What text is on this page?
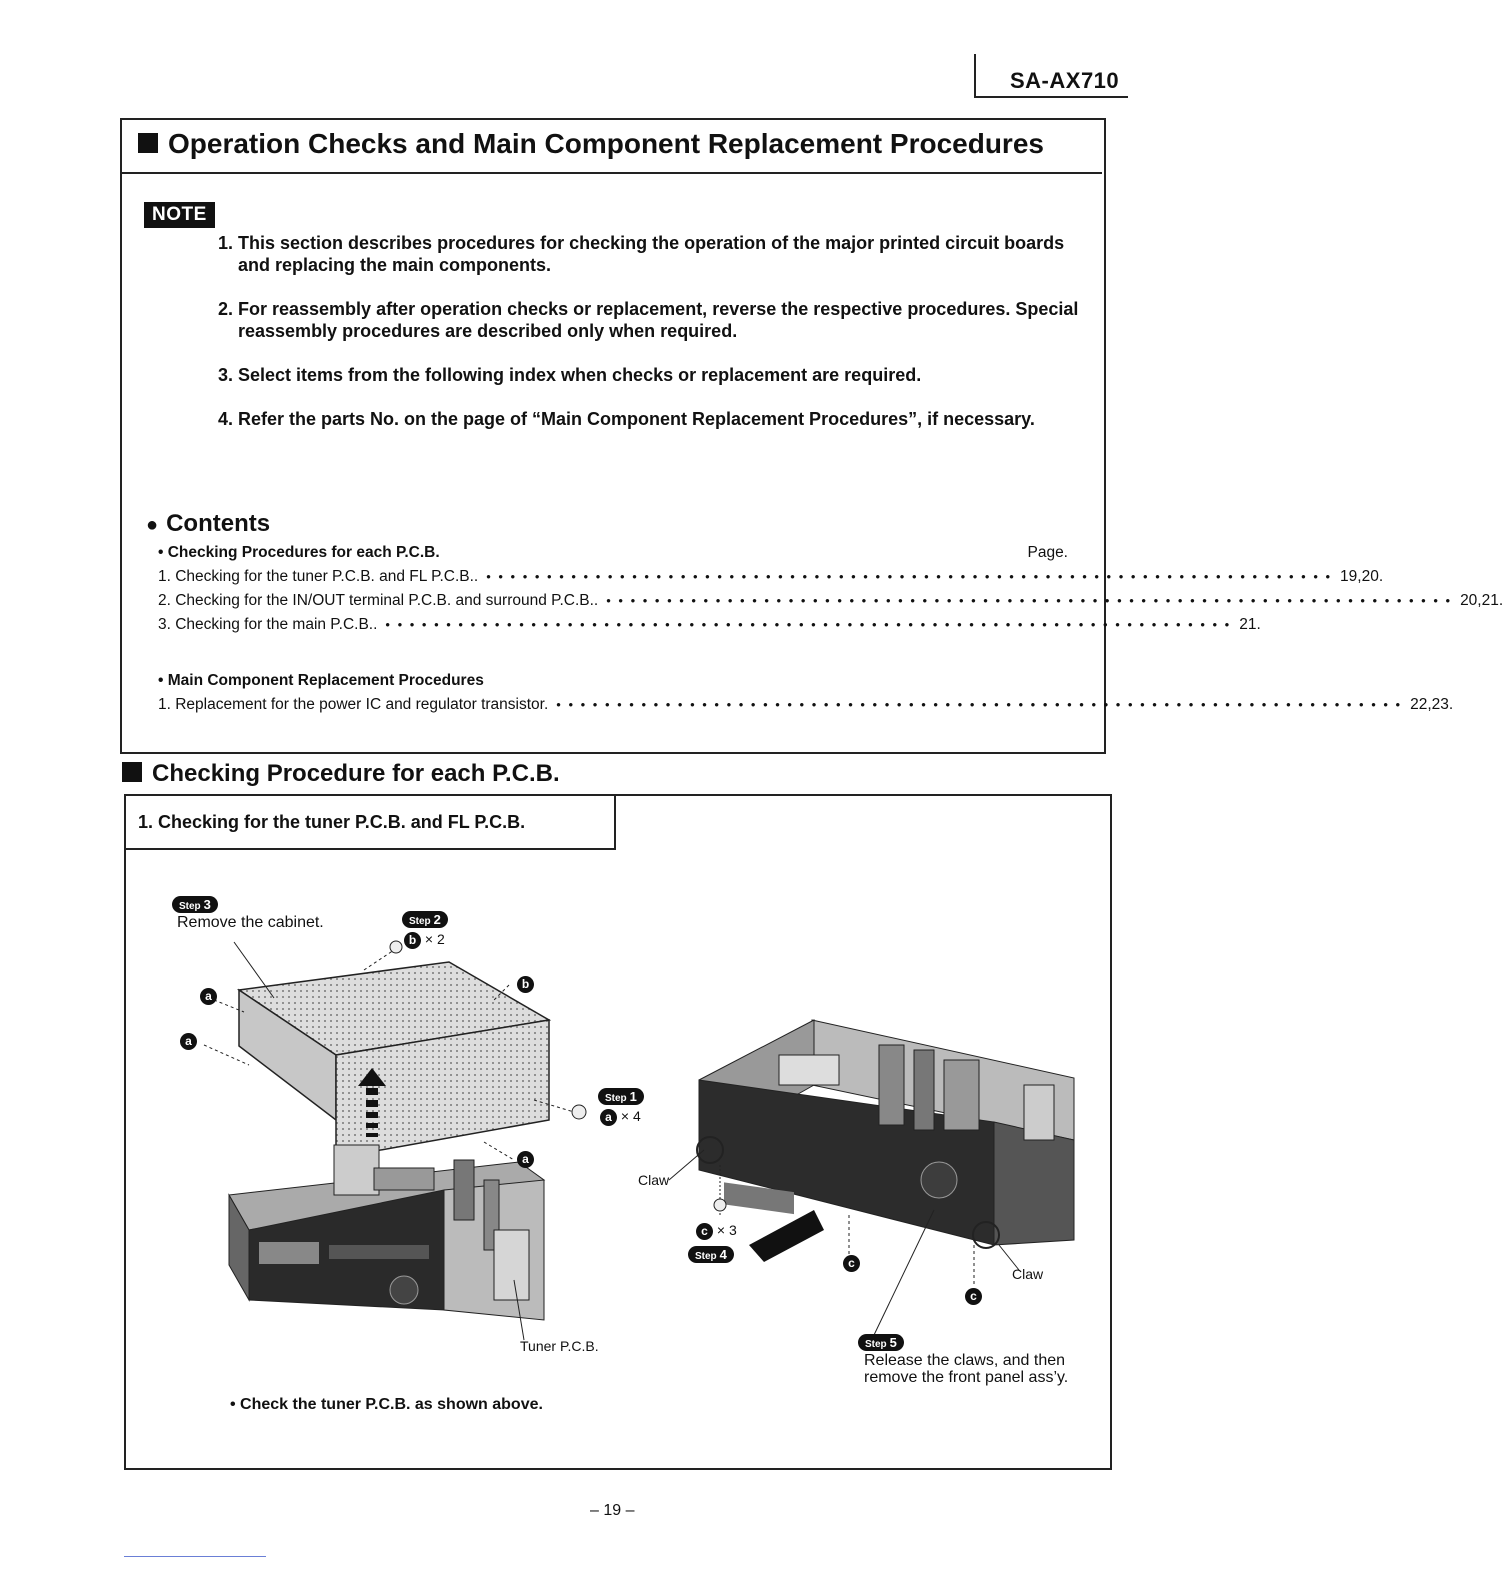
SA-AX710
Operation Checks and Main Component Replacement Procedures
NOTE
1. This section describes procedures for checking the operation of the major printed circuit boards and replacing the main components.
2. For reassembly after operation checks or replacement, reverse the respective procedures. Special reassembly procedures are described only when required.
3. Select items from the following index when checks or replacement are required.
4. Refer the parts No. on the page of “Main Component Replacement Procedures”, if necessary.
● Contents
• Checking Procedures for each P.C.B.	Page.
1. Checking for the tuner P.C.B. and FL P.C.B.. • • • • • • • • • • • • • • • • • • • • • • • • • • • • • • • • • • • • • • • • • • • • • • • • • • • • • • • • • • • • • • • • • • • • • • 19,20.
2. Checking for the IN/OUT terminal P.C.B. and surround P.C.B.. • • • • • • • • • • • • • • • • • • • • • • • • • • • • • • • • • • • • • • • • • • • • • • • • • • • • • • • • • • • • • • • • • • • • • • 20,21.
3. Checking for the main P.C.B.. • • • • • • • • • • • • • • • • • • • • • • • • • • • • • • • • • • • • • • • • • • • • • • • • • • • • • • • • • • • • • • • • • • • • • • 21.
• Main Component Replacement Procedures
1. Replacement for the power IC and regulator transistor. • • • • • • • • • • • • • • • • • • • • • • • • • • • • • • • • • • • • • • • • • • • • • • • • • • • • • • • • • • • • • • • • • • • • • • 22,23.
Checking Procedure for each P.C.B.
1. Checking for the tuner P.C.B. and FL P.C.B.
Step 3
Remove the cabinet.	Step 2
b × 2
Step 1
a × 4
c × 3
Step 4
Step 5
Release the claws, and then
remove the front panel ass’y.
a
a
b
a
c
c
Claw
Claw
Tuner P.C.B.
• Check the tuner P.C.B. as shown above.
– 19 –
